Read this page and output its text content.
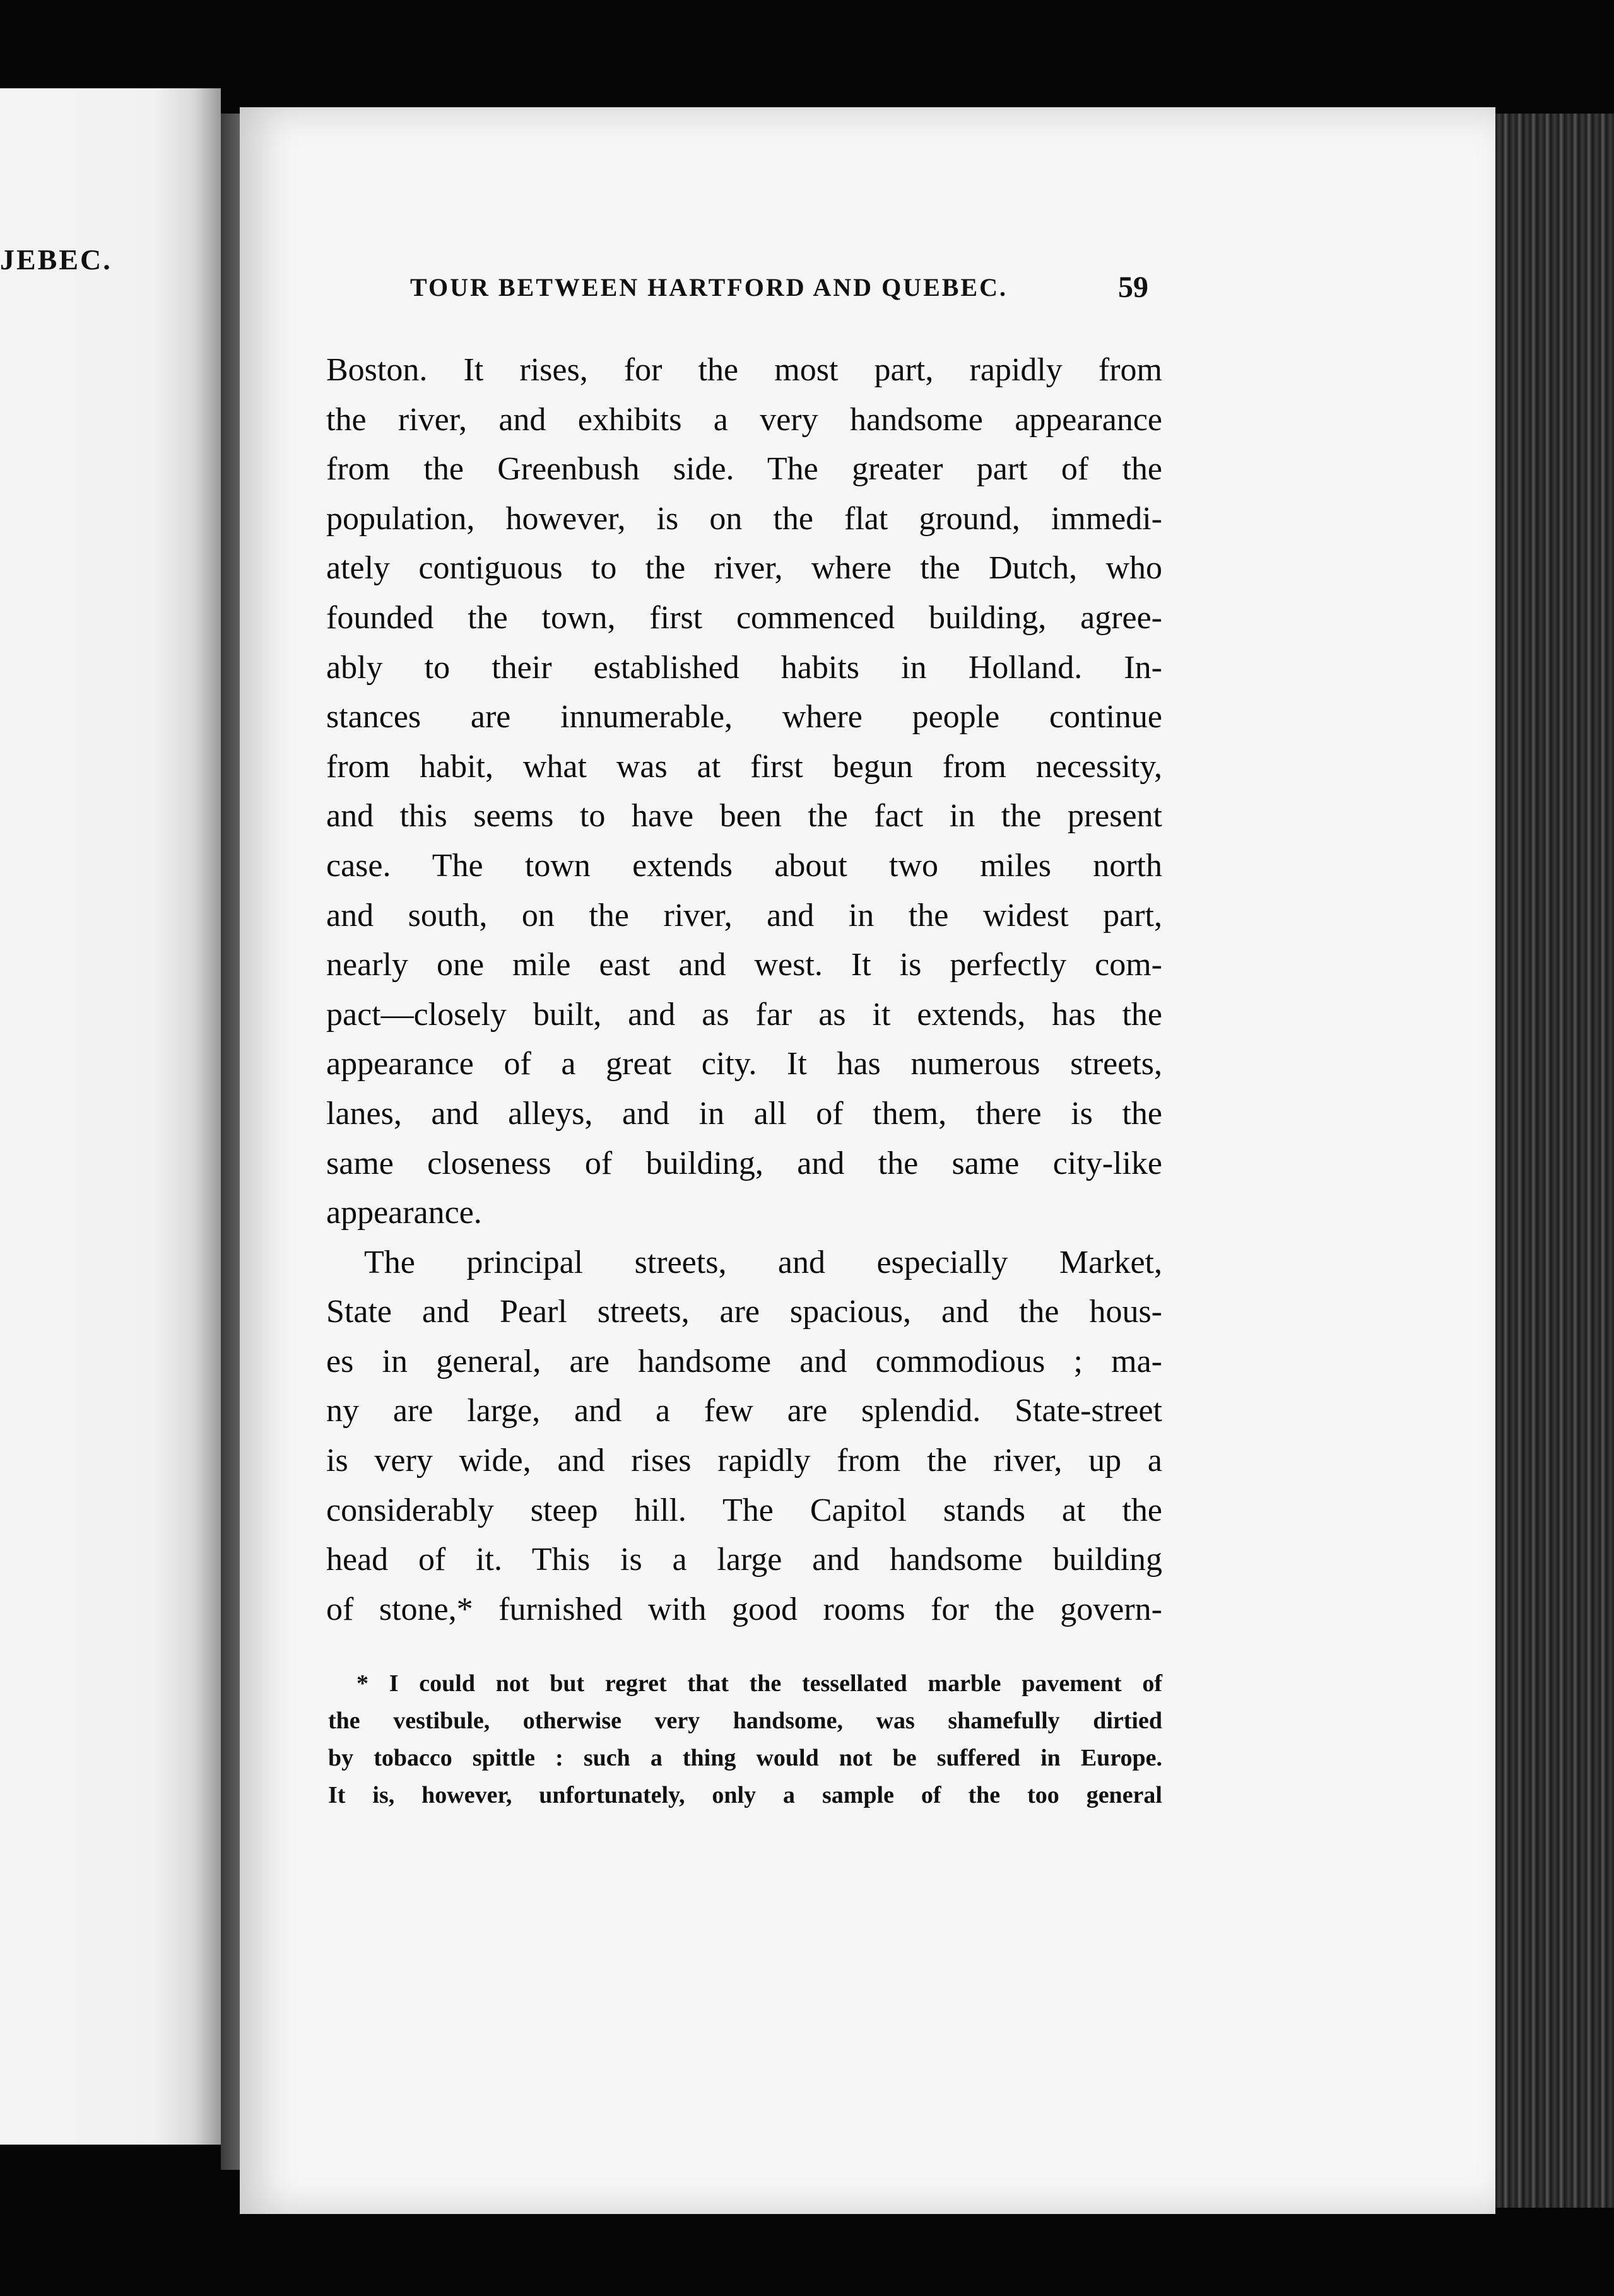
JEBEC.
TOUR BETWEEN HARTFORD AND QUEBEC.	59
Boston. It rises, for the most part, rapidly from
the river, and exhibits a very handsome appearance
from the Greenbush side. The greater part of the
population, however, is on the flat ground, immedi-
ately contiguous to the river, where the Dutch, who
founded the town, first commenced building, agree-
ably to their established habits in Holland. In-
stances are innumerable, where people continue
from habit, what was at first begun from necessity,
and this seems to have been the fact in the present
case. The town extends about two miles north
and south, on the river, and in the widest part,
nearly one mile east and west. It is perfectly com-
pact—closely built, and as far as it extends, has the
appearance of a great city. It has numerous streets,
lanes, and alleys, and in all of them, there is the
same closeness of building, and the same city-like
appearance.
The principal streets, and especially Market,
State and Pearl streets, are spacious, and the hous-
es in general, are handsome and commodious ; ma-
ny are large, and a few are splendid. State-street
is very wide, and rises rapidly from the river, up a
considerably steep hill. The Capitol stands at the
head of it. This is a large and handsome building
of stone,* furnished with good rooms for the govern-
* I could not but regret that the tessellated marble pavement of
the vestibule, otherwise very handsome, was shamefully dirtied
by tobacco spittle : such a thing would not be suffered in Europe.
It is, however, unfortunately, only a sample of the too general
